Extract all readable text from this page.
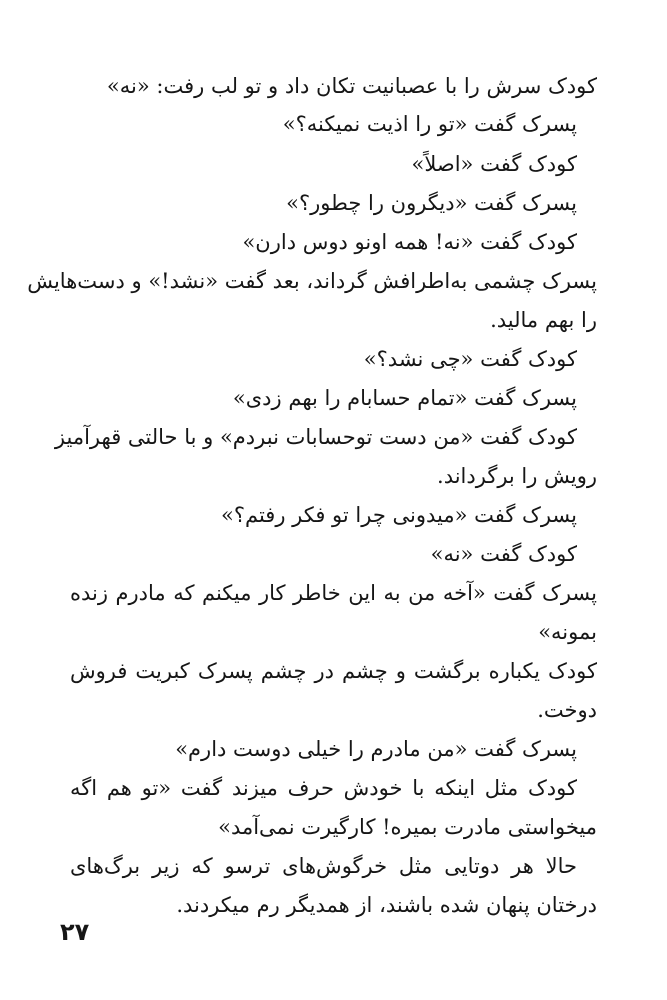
کودک سرش را با عصبانیت تکان داد و تو لب رفت: «نه»
پسرک گفت «تو را اذیت نمیکنه؟»
کودک گفت «اصلاً»
پسرک گفت «دیگرون را چطور؟»
کودک گفت «نه! همه اونو دوس دارن»
پسرک چشمی به‌اطرافش گرداند، بعد گفت «نشد!» و دست‌هایش
را بهم مالید.
کودک گفت «چی نشد؟»
پسرک گفت «تمام حسابام را بهم زدی»
کودک گفت «من دست توحسابات نبردم» و با حالتی قهرآمیز
رویش را برگرداند.
پسرک گفت «میدونی چرا تو فکر رفتم؟»
کودک گفت «نه»
پسرک گفت «آخه من به این خاطر کار میکنم که مادرم زنده
بمونه»
کودک یکباره برگشت و چشم در چشم پسرک کبریت فروش
دوخت.
پسرک گفت «من مادرم را خیلی دوست دارم»
کودک مثل اینکه با خودش حرف میزند گفت «تو هم اگه
میخواستی مادرت بمیره! کارگیرت نمی‌آمد»
حالا هر دوتایی مثل خرگوش‌های ترسو که زیر برگ‌های
درختان پنهان شده باشند، از همدیگر رم میکردند.
۲۷
